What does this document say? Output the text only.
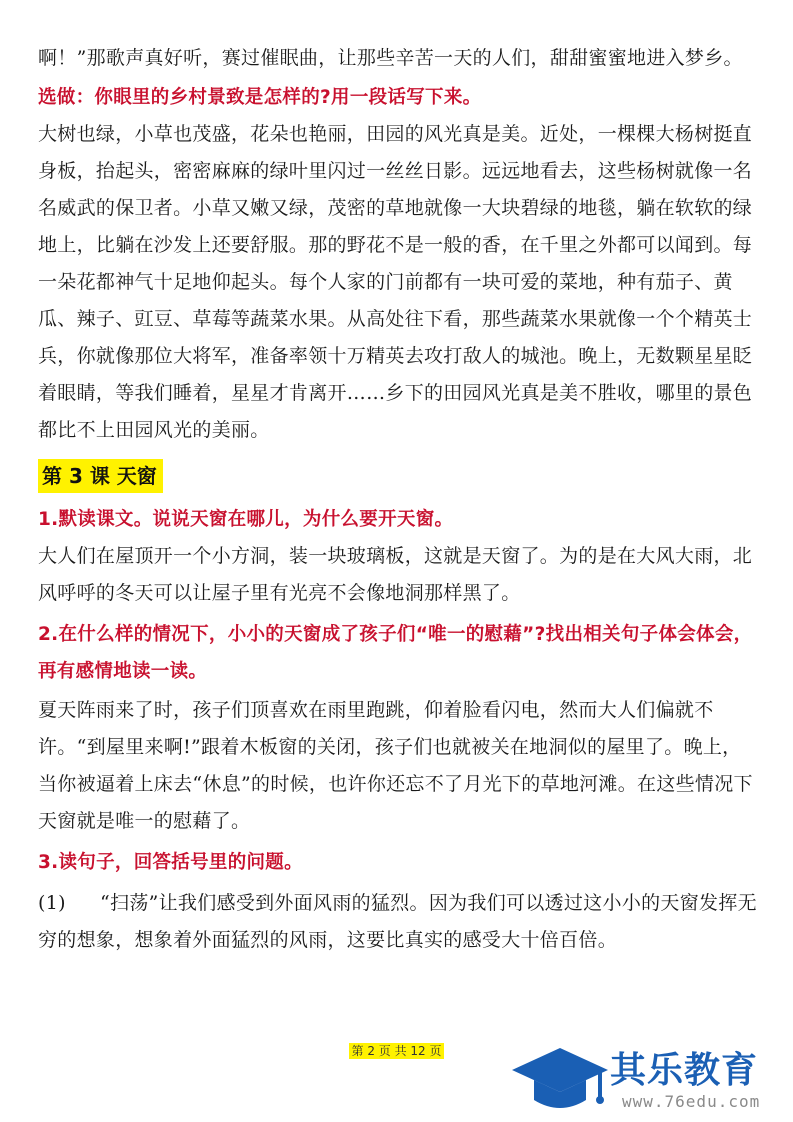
啊！”那歌声真好听，赛过催眠曲，让那些辛苦一天的人们，甜甜蜜蜜地进入梦乡。

选做：你眼里的乡村景致是怎样的?用一段话写下来。

大树也绿，小草也茂盛，花朵也艳丽，田园的风光真是美。近处，一棵棵大杨树挺直身板，抬起头，密密麻麻的绿叶里闪过一丝丝日影。远远地看去，这些杨树就像一名名威武的保卫者。小草又嫩又绿，茂密的草地就像一大块碧绿的地毯，躺在软软的绿地上，比躺在沙发上还要舒服。那的野花不是一般的香，在千里之外都可以闻到。每一朵花都神气十足地仰起头。每个人家的门前都有一块可爱的菜地，种有茄子、黄瓜、辣子、豇豆、草莓等蔬菜水果。从高处往下看，那些蔬菜水果就像一个个精英士兵，你就像那位大将军，准备率领十万精英去攻打敌人的城池。晚上，无数颗星星眨着眼睛，等我们睡着，星星才肯离开……乡下的田园风光真是美不胜收，哪里的景色都比不上田园风光的美丽。

第 3 课 天窗

1.默读课文。说说天窗在哪儿，为什么要开天窗。

大人们在屋顶开一个小方洞，装一块玻璃板，这就是天窗了。为的是在大风大雨，北风呼呼的冬天可以让屋子里有光亮不会像地洞那样黑了。

2.在什么样的情况下，小小的天窗成了孩子们“唯一的慰藉”?找出相关句子体会体会，再有感情地读一读。

夏天阵雨来了时，孩子们顶喜欢在雨里跑跳，仰着脸看闪电，然而大人们偏就不许。“到屋里来啊!”跟着木板窗的关闭，孩子们也就被关在地洞似的屋里了。晚上，当你被逼着上床去“休息”的时候，也许你还忘不了月光下的草地河滩。在这些情况下天窗就是唯一的慰藉了。

3.读句子，回答括号里的问题。

(1) “扫荡”让我们感受到外面风雨的猛烈。因为我们可以透过这小小的天窗发挥无穷的想象，想象着外面猛烈的风雨，这要比真实的感受大十倍百倍。

第 2 页 共 12 页	其乐教育
www.76edu.com
